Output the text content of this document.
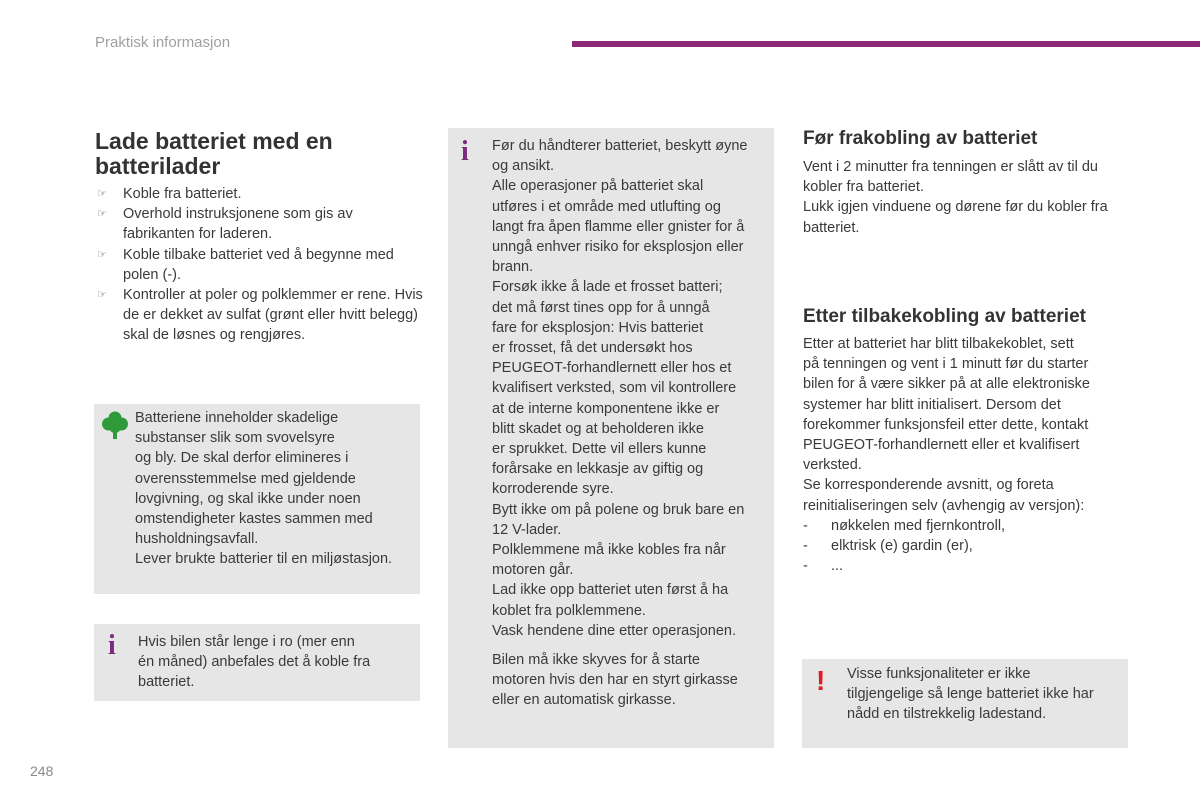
Praktisk informasjon
Lade batteriet med en
batterilader
☞ Koble fra batteriet.
☞ Overhold instruksjonene som gis av fabrikanten for laderen.
☞ Koble tilbake batteriet ved å begynne med polen (-).
☞ Kontroller at poler og polklemmer er rene. Hvis de er dekket av sulfat (grønt eller hvitt belegg) skal de løsnes og rengjøres.

Batteriene inneholder skadelige

substanser slik som svovelsyre

og bly. De skal derfor elimineres i

overensstemmelse med gjeldende

lovgivning, og skal ikke under noen

omstendigheter kastes sammen med

husholdningsavfall.

Lever brukte batterier til en miljøstasjon.

i Hvis bilen står lenge i ro (mer enn

én måned) anbefales det å koble fra

batteriet.

i Før du håndterer batteriet, beskytt øyne

og ansikt.

Alle operasjoner på batteriet skal

utføres i et område med utlufting og

langt fra åpen flamme eller gnister for å

unngå enhver risiko for eksplosjon eller

brann.

Forsøk ikke å lade et frosset batteri;

det må først tines opp for å unngå

fare for eksplosjon: Hvis batteriet

er frosset, få det undersøkt hos

PEUGEOT-forhandlernett eller hos et

kvalifisert verksted, som vil kontrollere

at de interne komponentene ikke er

blitt skadet og at beholderen ikke

er sprukket. Dette vil ellers kunne

forårsake en lekkasje av giftig og

korroderende syre.

Bytt ikke om på polene og bruk bare en

12 V-lader.

Polklemmene må ikke kobles fra når

motoren går.

Lad ikke opp batteriet uten først å ha

koblet fra polklemmene.

Vask hendene dine etter operasjonen.

Bilen må ikke skyves for å starte

motoren hvis den har en styrt girkasse

eller en automatisk girkasse.

Før frakobling av batteriet

Vent i 2 minutter fra tenningen er slått av til du

kobler fra batteriet.

Lukk igjen vinduene og dørene før du kobler fra

batteriet.

Etter tilbakekobling av batteriet

Etter at batteriet har blitt tilbakekoblet, sett

på tenningen og vent i 1 minutt før du starter

bilen for å være sikker på at alle elektroniske

systemer har blitt initialisert. Dersom det

forekommer funksjonsfeil etter dette, kontakt

PEUGEOT-forhandlernett eller et kvalifisert

verksted.

Se korresponderende avsnitt, og foreta

reinitialiseringen selv (avhengig av versjon):

- nøkkelen med fjernkontroll,
- elktrisk (e) gardin (er),
- ...
! Visse funksjonaliteter er ikke

tilgjengelige så lenge batteriet ikke har

nådd en tilstrekkelig ladestand.

248
